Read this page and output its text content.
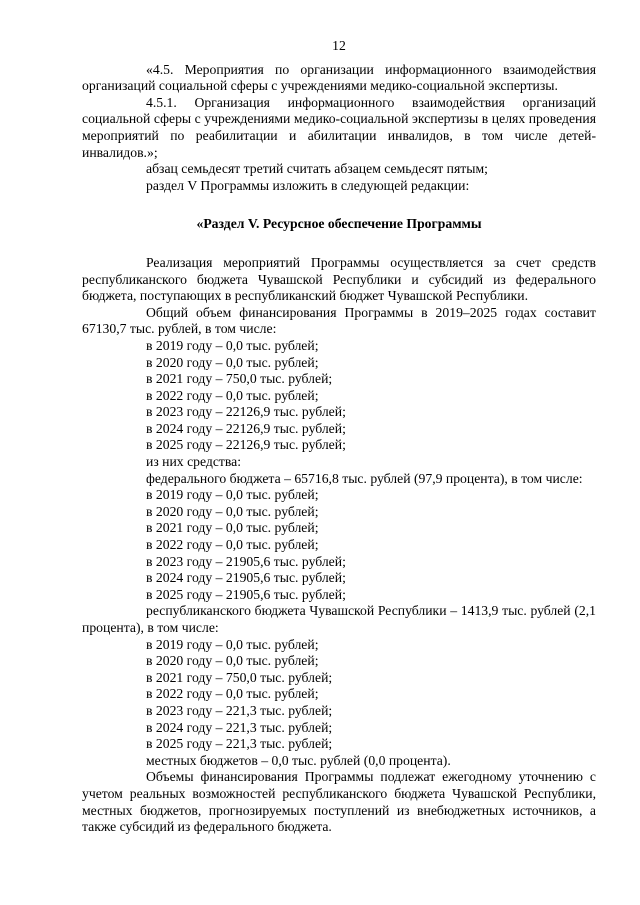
12

«4.5. Мероприятия по организации информационного взаимодействия организаций социальной сферы с учреждениями медико-социальной экспертизы.

4.5.1. Организация информационного взаимодействия организаций социальной сферы с учреждениями медико-социальной экспертизы в целях проведения мероприятий по реабилитации и абилитации инвалидов, в том числе детей-инвалидов.»;

абзац семьдесят третий считать абзацем семьдесят пятым;

раздел V Программы изложить в следующей редакции:

«Раздел V. Ресурсное обеспечение Программы

Реализация мероприятий Программы осуществляется за счет средств республиканского бюджета Чувашской Республики и субсидий из федерального бюджета, поступающих в республиканский бюджет Чувашской Республики.

Общий объем финансирования Программы в 2019–2025 годах составит 67130,7 тыс. рублей, в том числе:

в 2019 году – 0,0 тыс. рублей;
в 2020 году – 0,0 тыс. рублей;
в 2021 году – 750,0 тыс. рублей;
в 2022 году – 0,0 тыс. рублей;
в 2023 году – 22126,9 тыс. рублей;
в 2024 году – 22126,9 тыс. рублей;
в 2025 году – 22126,9 тыс. рублей;

из них средства:

федерального бюджета – 65716,8 тыс. рублей (97,9 процента), в том числе:

в 2019 году – 0,0 тыс. рублей;
в 2020 году – 0,0 тыс. рублей;
в 2021 году – 0,0 тыс. рублей;
в 2022 году – 0,0 тыс. рублей;
в 2023 году – 21905,6 тыс. рублей;
в 2024 году – 21905,6 тыс. рублей;
в 2025 году – 21905,6 тыс. рублей;

республиканского бюджета Чувашской Республики – 1413,9 тыс. рублей (2,1 процента), в том числе:

в 2019 году – 0,0 тыс. рублей;
в 2020 году – 0,0 тыс. рублей;
в 2021 году – 750,0 тыс. рублей;
в 2022 году – 0,0 тыс. рублей;
в 2023 году – 221,3 тыс. рублей;
в 2024 году – 221,3 тыс. рублей;
в 2025 году – 221,3 тыс. рублей;

местных бюджетов – 0,0 тыс. рублей (0,0 процента).

Объемы финансирования Программы подлежат ежегодному уточнению с учетом реальных возможностей республиканского бюджета Чувашской Республики, местных бюджетов, прогнозируемых поступлений из внебюджетных источников, а также субсидий из федерального бюджета.
